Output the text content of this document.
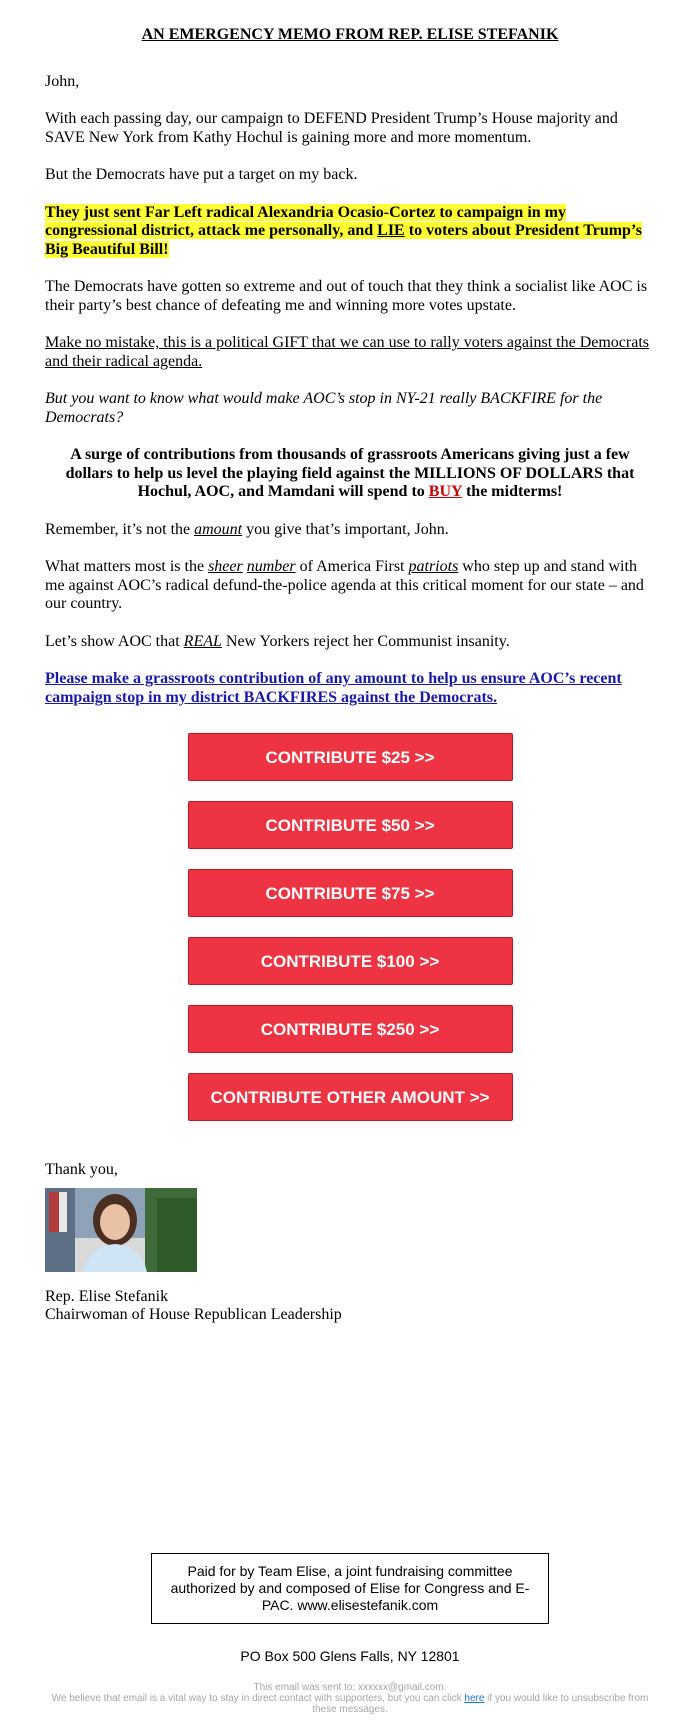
AN EMERGENCY MEMO FROM REP. ELISE STEFANIK

John,

With each passing day, our campaign to DEFEND President Trump’s House majority and SAVE New York from Kathy Hochul is gaining more and more momentum.

But the Democrats have put a target on my back.

They just sent Far Left radical Alexandria Ocasio-Cortez to campaign in my congressional district, attack me personally, and LIE to voters about President Trump’s Big Beautiful Bill!

The Democrats have gotten so extreme and out of touch that they think a socialist like AOC is their party’s best chance of defeating me and winning more votes upstate.

Make no mistake, this is a political GIFT that we can use to rally voters against the Democrats and their radical agenda.

But you want to know what would make AOC’s stop in NY-21 really BACKFIRE for the Democrats?

A surge of contributions from thousands of grassroots Americans giving just a few dollars to help us level the playing field against the MILLIONS OF DOLLARS that Hochul, AOC, and Mamdani will spend to BUY the midterms!

Remember, it’s not the amount you give that’s important, John.

What matters most is the sheer number of America First patriots who step up and stand with me against AOC’s radical defund-the-police agenda at this critical moment for our state – and our country.

Let’s show AOC that REAL New Yorkers reject her Communist insanity.

Please make a grassroots contribution of any amount to help us ensure AOC’s recent campaign stop in my district BACKFIRES against the Democrats.
CONTRIBUTE $25 >>
CONTRIBUTE $50 >>
CONTRIBUTE $75 >>
CONTRIBUTE $100 >>
CONTRIBUTE $250 >>
CONTRIBUTE OTHER AMOUNT >>

Thank you,

Rep. Elise Stefanik

Chairwoman of House Republican Leadership

Paid for by Team Elise, a joint fundraising committee authorized by and composed of Elise for Congress and E-PAC. www.elisestefanik.com
PO Box 500 Glens Falls, NY 12801
This email was sent to: xxxxxx@gmail.com.
We believe that email is a vital way to stay in direct contact with supporters, but you can click here if you would like to unsubscribe from these messages.
